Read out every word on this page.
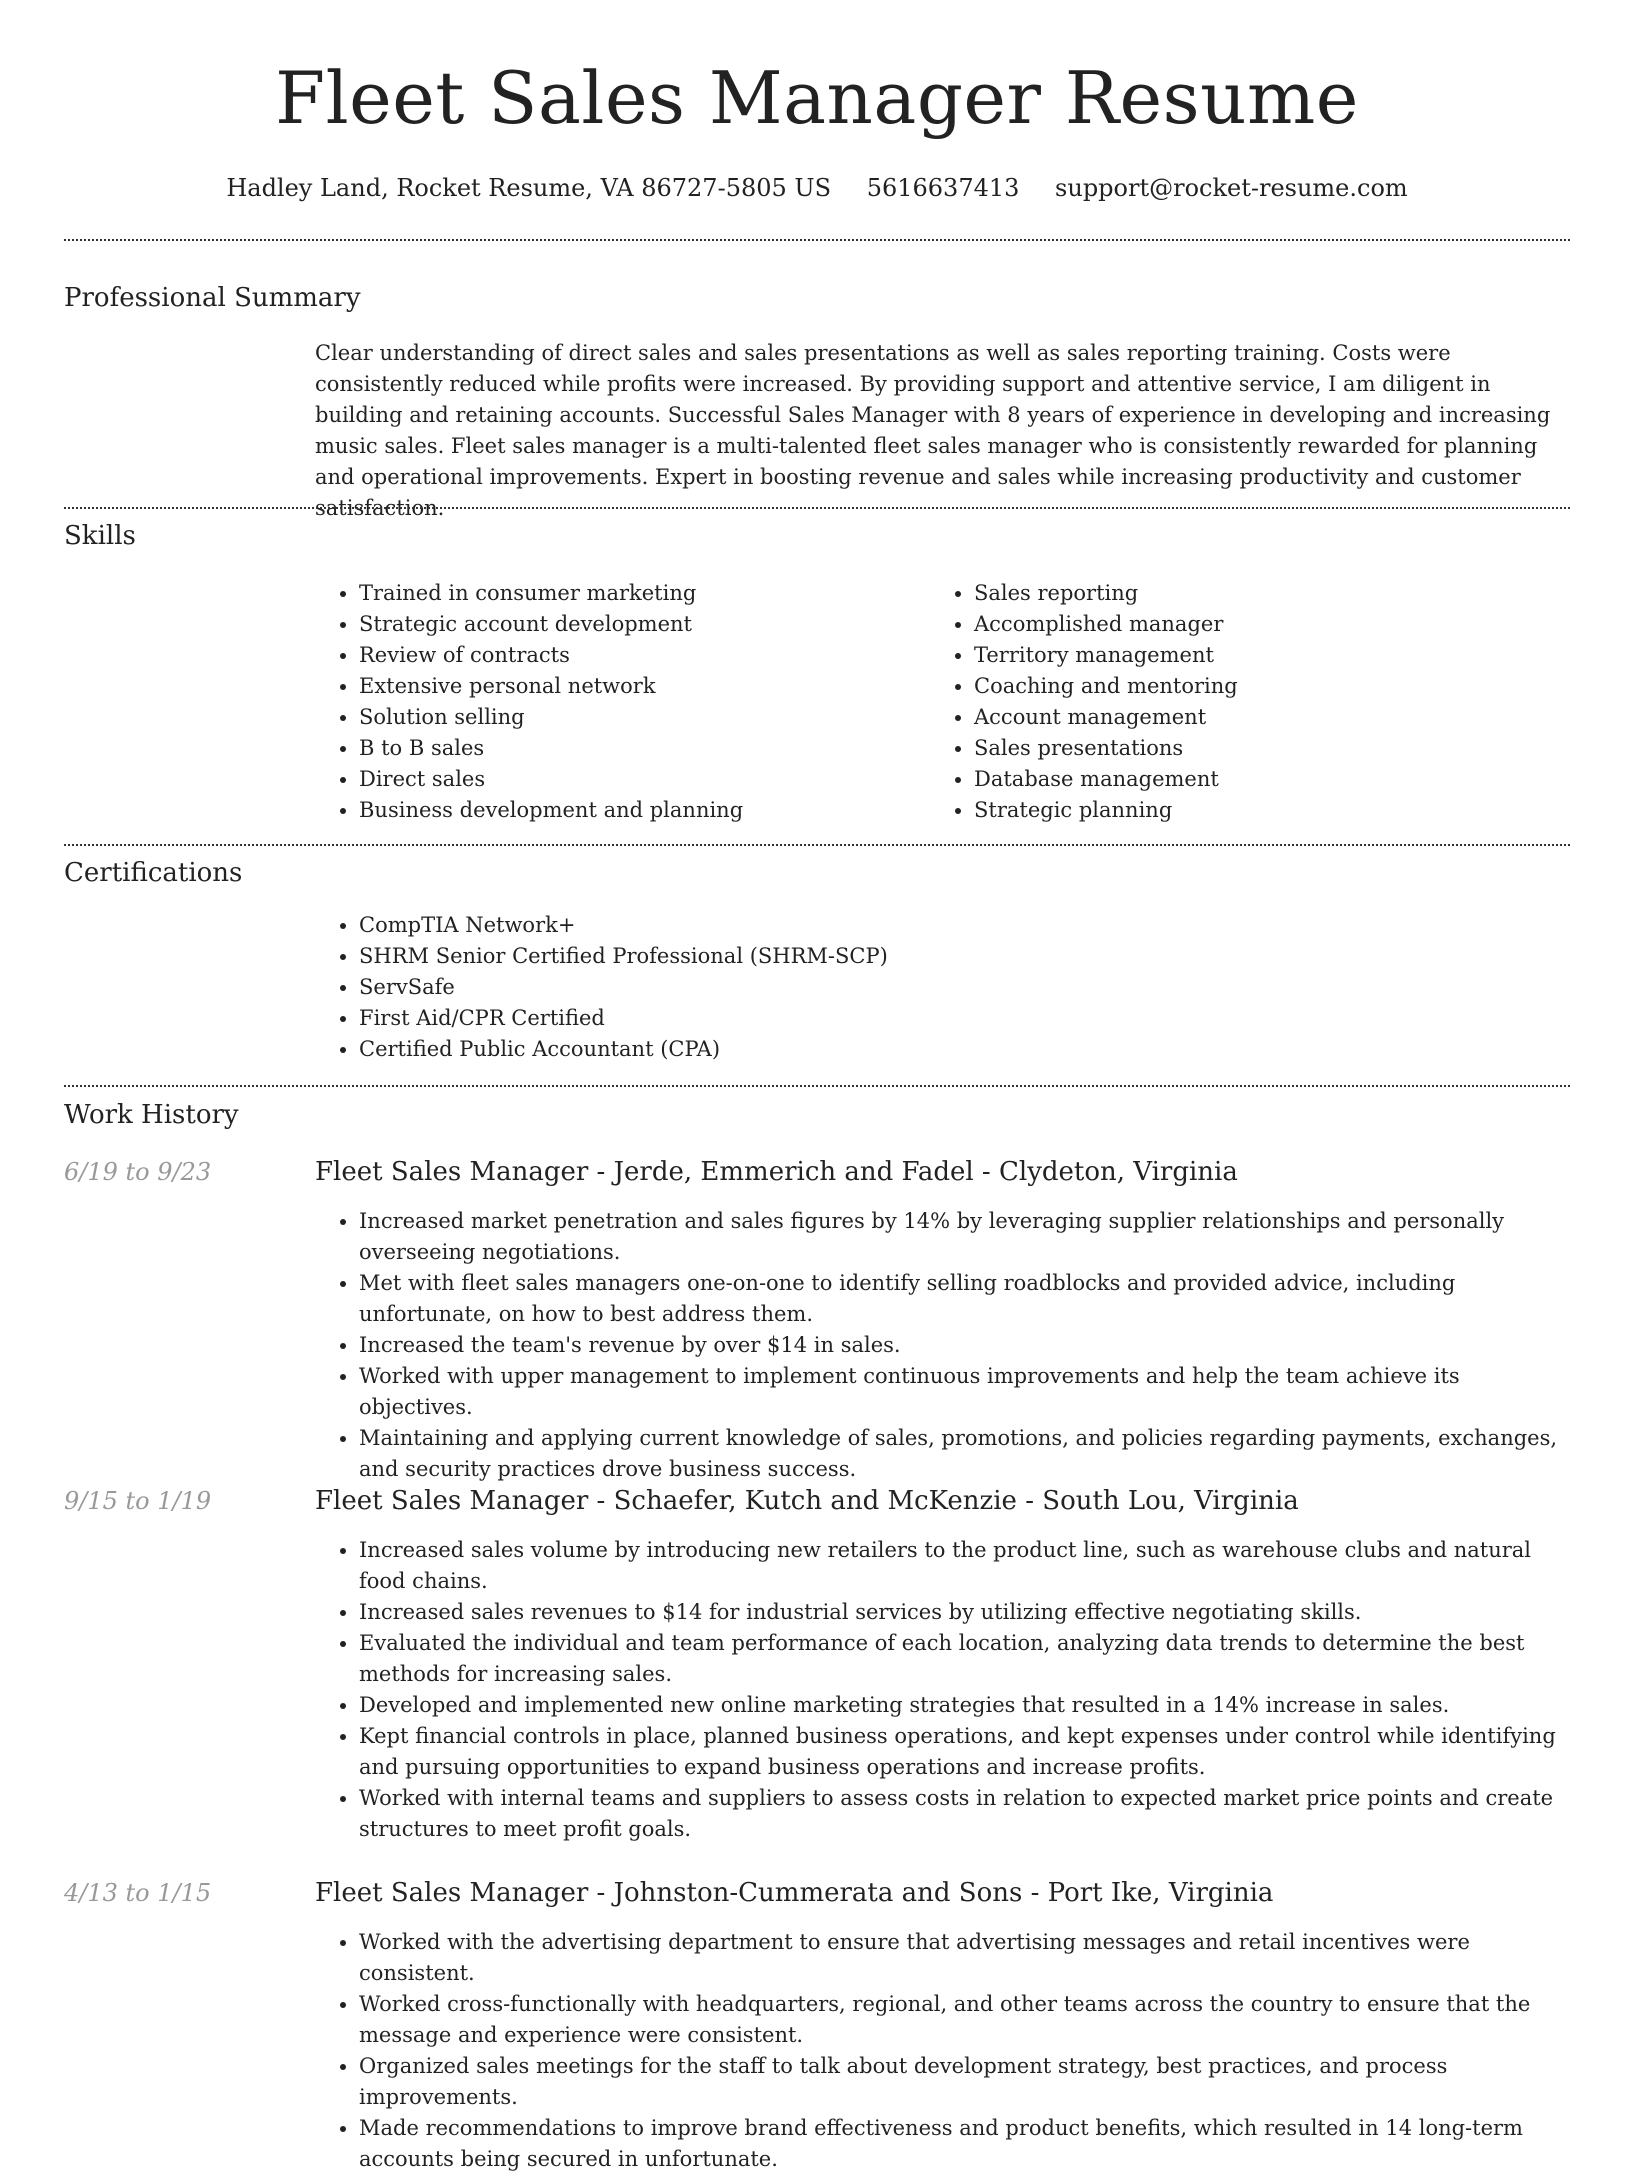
Fleet Sales Manager Resume
Hadley Land, Rocket Resume, VA 86727-5805 US 5616637413 support@rocket-resume.com
Professional Summary
Clear understanding of direct sales and sales presentations as well as sales reporting training. Costs were consistently reduced while profits were increased. By providing support and attentive service, I am diligent in building and retaining accounts. Successful Sales Manager with 8 years of experience in developing and increasing music sales. Fleet sales manager is a multi-talented fleet sales manager who is consistently rewarded for planning and operational improvements. Expert in boosting revenue and sales while increasing productivity and customer satisfaction.
Skills
• Trained in consumer marketing
• Strategic account development
• Review of contracts
• Extensive personal network
• Solution selling
• B to B sales
• Direct sales
• Business development and planning
• Sales reporting
• Accomplished manager
• Territory management
• Coaching and mentoring
• Account management
• Sales presentations
• Database management
• Strategic planning
Certifications
• CompTIA Network+
• SHRM Senior Certified Professional (SHRM-SCP)
• ServSafe
• First Aid/CPR Certified
• Certified Public Accountant (CPA)
Work History
6/19 to 9/23	Fleet Sales Manager - Jerde, Emmerich and Fadel - Clydeton, Virginia
• Increased market penetration and sales figures by 14% by leveraging supplier relationships and personally overseeing negotiations.
• Met with fleet sales managers one-on-one to identify selling roadblocks and provided advice, including unfortunate, on how to best address them.
• Increased the team's revenue by over $14 in sales.
• Worked with upper management to implement continuous improvements and help the team achieve its objectives.
• Maintaining and applying current knowledge of sales, promotions, and policies regarding payments, exchanges, and security practices drove business success.
9/15 to 1/19	Fleet Sales Manager - Schaefer, Kutch and McKenzie - South Lou, Virginia
• Increased sales volume by introducing new retailers to the product line, such as warehouse clubs and natural food chains.
• Increased sales revenues to $14 for industrial services by utilizing effective negotiating skills.
• Evaluated the individual and team performance of each location, analyzing data trends to determine the best methods for increasing sales.
• Developed and implemented new online marketing strategies that resulted in a 14% increase in sales.
• Kept financial controls in place, planned business operations, and kept expenses under control while identifying and pursuing opportunities to expand business operations and increase profits.
• Worked with internal teams and suppliers to assess costs in relation to expected market price points and create structures to meet profit goals.
4/13 to 1/15	Fleet Sales Manager - Johnston-Cummerata and Sons - Port Ike, Virginia
• Worked with the advertising department to ensure that advertising messages and retail incentives were consistent.
• Worked cross-functionally with headquarters, regional, and other teams across the country to ensure that the message and experience were consistent.
• Organized sales meetings for the staff to talk about development strategy, best practices, and process improvements.
• Made recommendations to improve brand effectiveness and product benefits, which resulted in 14 long-term accounts being secured in unfortunate.
